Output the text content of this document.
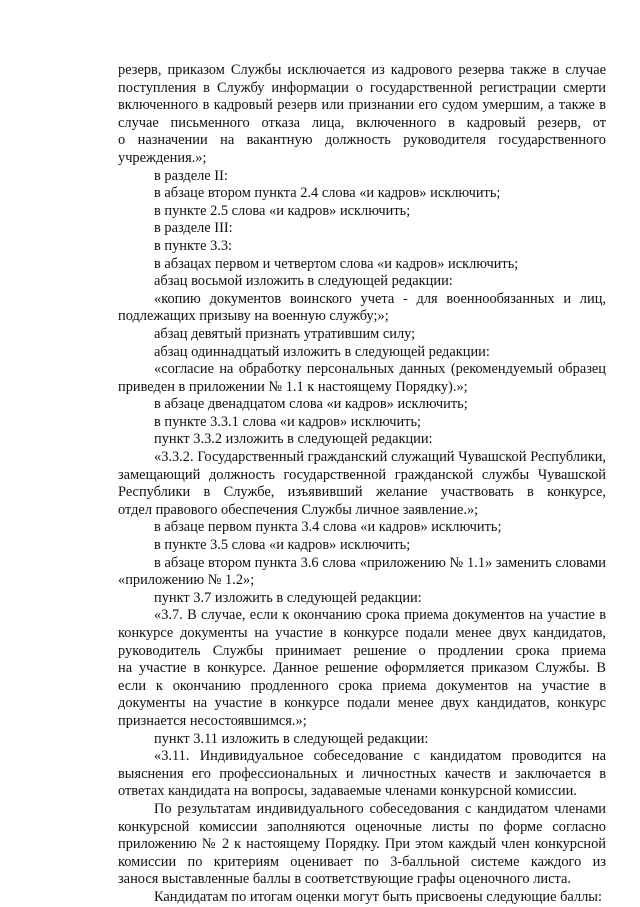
резерв, приказом Службы исключается из кадрового резерва также в случае
поступления в Службу информации о государственной регистрации смерти
включенного в кадровый резерв или признании его судом умершим, а также в
случае письменного отказа лица, включенного в кадровый резерв, от
о назначении на вакантную должность руководителя государственного
учреждения.»;

в разделе II:

в абзаце втором пункта 2.4 слова «и кадров» исключить;

в пункте 2.5 слова «и кадров» исключить;

в разделе III:

в пункте 3.3:

в абзацах первом и четвертом слова «и кадров» исключить;

абзац восьмой изложить в следующей редакции:

«копию документов воинского учета - для военнообязанных и лиц,
подлежащих призыву на военную службу;»;

абзац девятый признать утратившим силу;

абзац одиннадцатый изложить в следующей редакции:

«согласие на обработку персональных данных (рекомендуемый образец
приведен в приложении № 1.1 к настоящему Порядку).»;

в абзаце двенадцатом слова «и кадров» исключить;

в пункте 3.3.1 слова «и кадров» исключить;

пункт 3.3.2 изложить в следующей редакции:

«3.3.2. Государственный гражданский служащий Чувашской Республики,
замещающий должность государственной гражданской службы Чувашской
Республики в Службе, изъявивший желание участвовать в конкурсе,
отдел правового обеспечения Службы личное заявление.»;

в абзаце первом пункта 3.4 слова «и кадров» исключить;

в пункте 3.5 слова «и кадров» исключить;

в абзаце втором пункта 3.6 слова «приложению № 1.1» заменить словами
«приложению № 1.2»;

пункт 3.7 изложить в следующей редакции:

«3.7. В случае, если к окончанию срока приема документов на участие в
конкурсе документы на участие в конкурсе подали менее двух кандидатов,
руководитель Службы принимает решение о продлении срока приема
на участие в конкурсе. Данное решение оформляется приказом Службы. В
если к окончанию продленного срока приема документов на участие в
документы на участие в конкурсе подали менее двух кандидатов, конкурс
признается несостоявшимся.»;

пункт 3.11 изложить в следующей редакции:

«3.11. Индивидуальное собеседование с кандидатом проводится на
выяснения его профессиональных и личностных качеств и заключается в
ответах кандидата на вопросы, задаваемые членами конкурсной комиссии.

По результатам индивидуального собеседования с кандидатом членами
конкурсной комиссии заполняются оценочные листы по форме согласно
приложению № 2 к настоящему Порядку. При этом каждый член конкурсной
комиссии по критериям оценивает по 3-балльной системе каждого из
занося выставленные баллы в соответствующие графы оценочного листа.

Кандидатам по итогам оценки могут быть присвоены следующие баллы:
